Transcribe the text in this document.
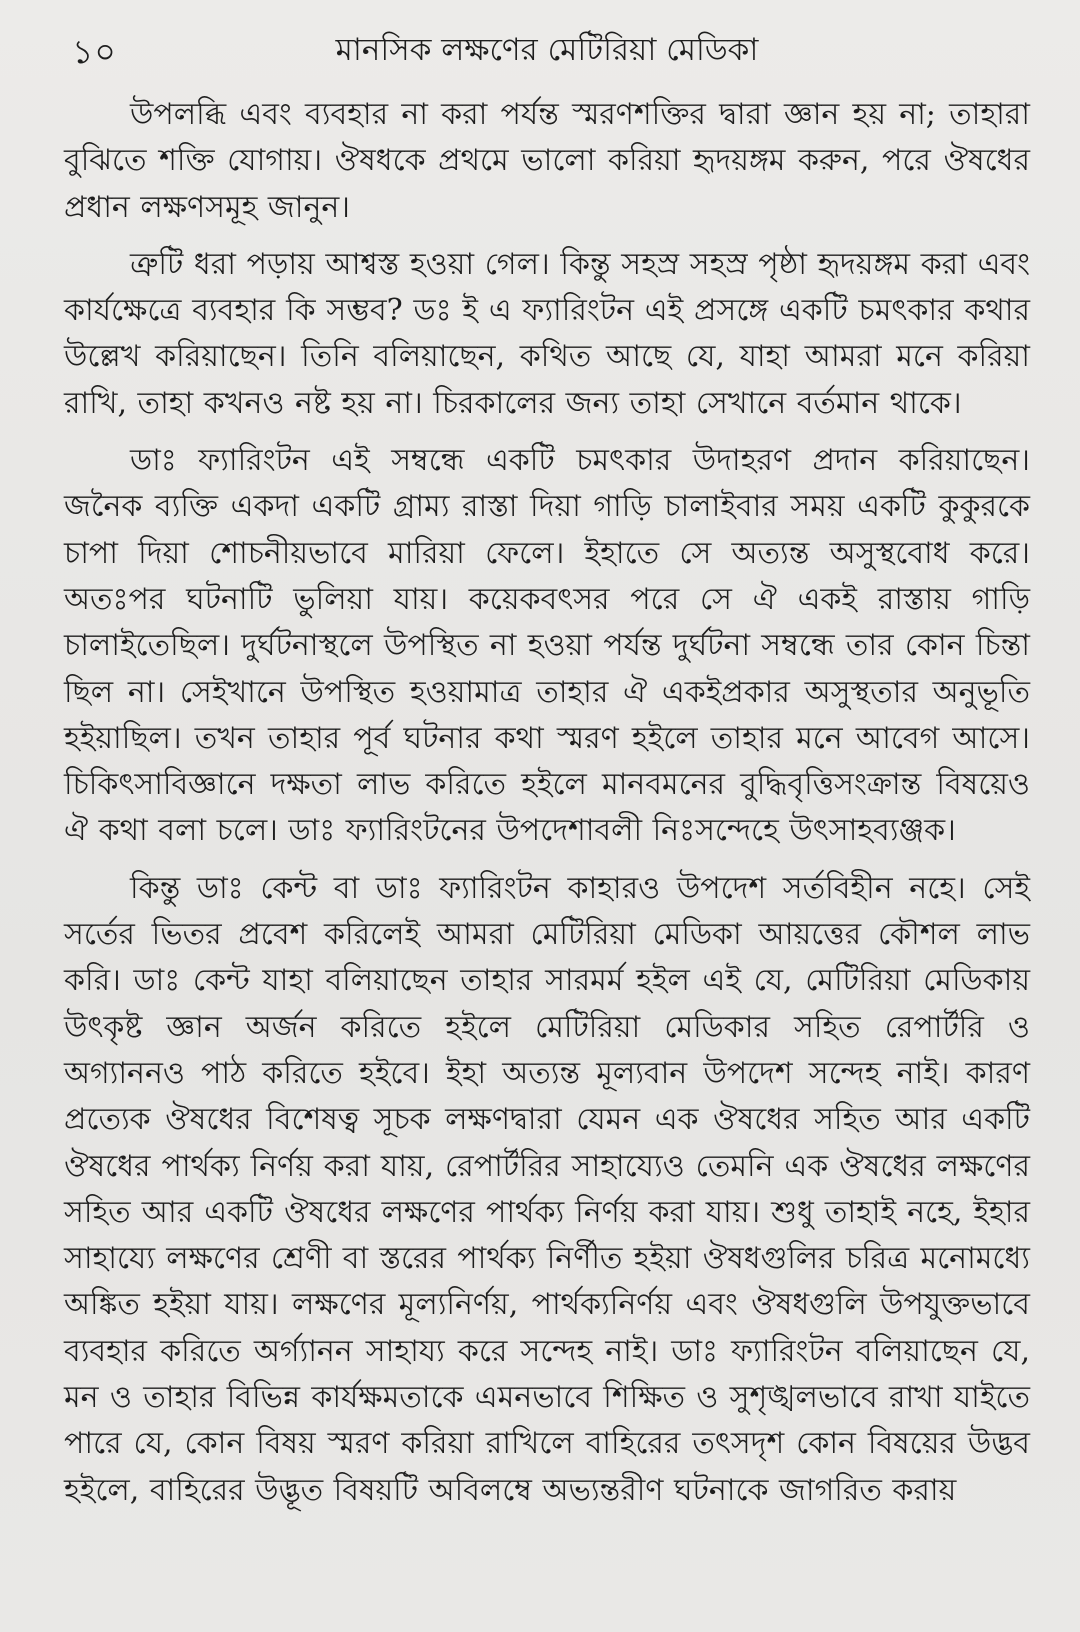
১০	মানসিক লক্ষণের মেটিরিয়া মেডিকা

উপলব্ধি এবং ব্যবহার না করা পর্যন্ত স্মরণশক্তির দ্বারা জ্ঞান হয় না; তাহারা বুঝিতে শক্তি যোগায়। ঔষধকে প্রথমে ভালো করিয়া হৃদয়ঙ্গম করুন, পরে ঔষধের প্রধান লক্ষণসমূহ জানুন।

ত্রুটি ধরা পড়ায় আশ্বস্ত হওয়া গেল। কিন্তু সহস্র সহস্র পৃষ্ঠা হৃদয়ঙ্গম করা এবং কার্যক্ষেত্রে ব্যবহার কি সম্ভব? ডঃ ই এ ফ্যারিংটন এই প্রসঙ্গে একটি চমৎকার কথার উল্লেখ করিয়াছেন। তিনি বলিয়াছেন, কথিত আছে যে, যাহা আমরা মনে করিয়া রাখি, তাহা কখনও নষ্ট হয় না। চিরকালের জন্য তাহা সেখানে বর্তমান থাকে।

ডাঃ ফ্যারিংটন এই সম্বন্ধে একটি চমৎকার উদাহরণ প্রদান করিয়াছেন। জনৈক ব্যক্তি একদা একটি গ্রাম্য রাস্তা দিয়া গাড়ি চালাইবার সময় একটি কুকুরকে চাপা দিয়া শোচনীয়ভাবে মারিয়া ফেলে। ইহাতে সে অত্যন্ত অসুস্থবোধ করে। অতঃপর ঘটনাটি ভুলিয়া যায়। কয়েকবৎসর পরে সে ঐ একই রাস্তায় গাড়ি চালাইতেছিল। দুর্ঘটনাস্থলে উপস্থিত না হওয়া পর্যন্ত দুর্ঘটনা সম্বন্ধে তার কোন চিন্তা ছিল না। সেইখানে উপস্থিত হওয়ামাত্র তাহার ঐ একইপ্রকার অসুস্থতার অনুভূতি হইয়াছিল। তখন তাহার পূর্ব ঘটনার কথা স্মরণ হইলে তাহার মনে আবেগ আসে। চিকিৎসাবিজ্ঞানে দক্ষতা লাভ করিতে হইলে মানবমনের বুদ্ধিবৃত্তিসংক্রান্ত বিষয়েও ঐ কথা বলা চলে। ডাঃ ফ্যারিংটনের উপদেশাবলী নিঃসন্দেহে উৎসাহব্যঞ্জক।

কিন্তু ডাঃ কেন্ট বা ডাঃ ফ্যারিংটন কাহারও উপদেশ সর্তবিহীন নহে। সেই সর্তের ভিতর প্রবেশ করিলেই আমরা মেটিরিয়া মেডিকা আয়ত্তের কৌশল লাভ করি। ডাঃ কেন্ট যাহা বলিয়াছেন তাহার সারমর্ম হইল এই যে, মেটিরিয়া মেডিকায় উৎকৃষ্ট জ্ঞান অর্জন করিতে হইলে মেটিরিয়া মেডিকার সহিত রেপার্টরি ও অগ্যাননও পাঠ করিতে হইবে। ইহা অত্যন্ত মূল্যবান উপদেশ সন্দেহ নাই। কারণ প্রত্যেক ঔষধের বিশেষত্ব সূচক লক্ষণদ্বারা যেমন এক ঔষধের সহিত আর একটি ঔষধের পার্থক্য নির্ণয় করা যায়, রেপার্টরির সাহায্যেও তেমনি এক ঔষধের লক্ষণের সহিত আর একটি ঔষধের লক্ষণের পার্থক্য নির্ণয় করা যায়। শুধু তাহাই নহে, ইহার সাহায্যে লক্ষণের শ্রেণী বা স্তরের পার্থক্য নির্ণীত হইয়া ঔষধগুলির চরিত্র মনোমধ্যে অঙ্কিত হইয়া যায়। লক্ষণের মূল্যনির্ণয়, পার্থক্যনির্ণয় এবং ঔষধগুলি উপযুক্তভাবে ব্যবহার করিতে অর্গ্যানন সাহায্য করে সন্দেহ নাই। ডাঃ ফ্যারিংটন বলিয়াছেন যে, মন ও তাহার বিভিন্ন কার্যক্ষমতাকে এমনভাবে শিক্ষিত ও সুশৃঙ্খলভাবে রাখা যাইতে পারে যে, কোন বিষয় স্মরণ করিয়া রাখিলে বাহিরের তৎসদৃশ কোন বিষয়ের উদ্ভব হইলে, বাহিরের উদ্ভূত বিষয়টি অবিলম্বে অভ্যন্তরীণ ঘটনাকে জাগরিত করায়
